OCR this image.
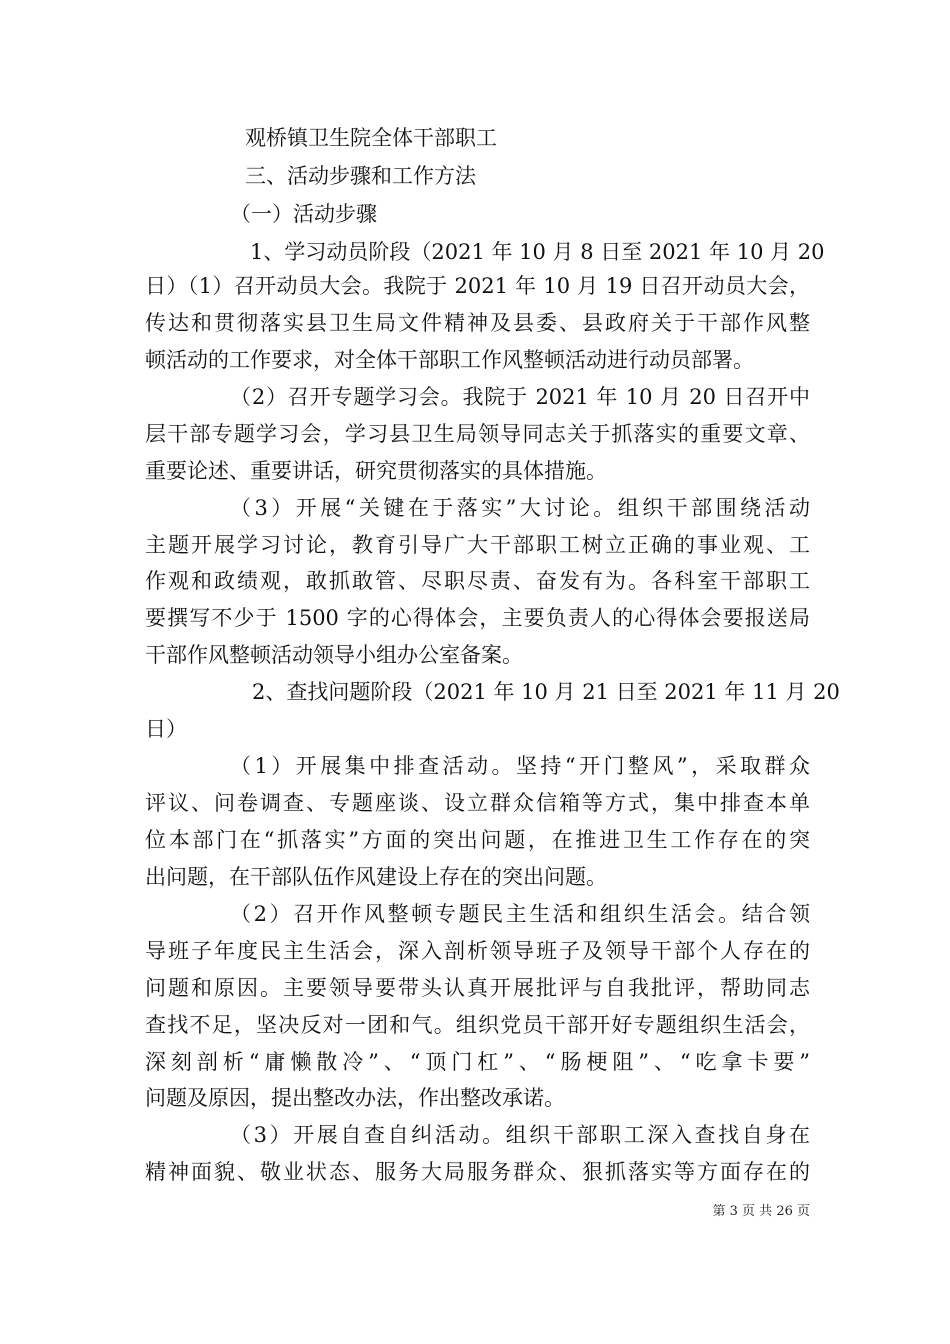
观桥镇卫生院全体干部职工
三、活动步骤和工作方法
（一）活动步骤
1、学习动员阶段（2021 年 10 月 8 日至 2021 年 10 月 20
日）（1）召开动员大会。我院于 2021 年 10 月 19 日召开动员大会，
传达和贯彻落实县卫生局文件精神及县委、县政府关于干部作风整
顿活动的工作要求，对全体干部职工作风整顿活动进行动员部署。
（2）召开专题学习会。我院于 2021 年 10 月 20 日召开中
层干部专题学习会，学习县卫生局领导同志关于抓落实的重要文章、
重要论述、重要讲话，研究贯彻落实的具体措施。
（3）开展“关键在于落实”大讨论。组织干部围绕活动
主题开展学习讨论，教育引导广大干部职工树立正确的事业观、工
作观和政绩观，敢抓敢管、尽职尽责、奋发有为。各科室干部职工
要撰写不少于 1500 字的心得体会，主要负责人的心得体会要报送局
干部作风整顿活动领导小组办公室备案。
2、查找问题阶段（2021 年 10 月 21 日至 2021 年 11 月 20
日）
（1）开展集中排查活动。坚持“开门整风”，采取群众
评议、问卷调查、专题座谈、设立群众信箱等方式，集中排查本单
位本部门在“抓落实”方面的突出问题，在推进卫生工作存在的突
出问题，在干部队伍作风建设上存在的突出问题。
（2）召开作风整顿专题民主生活和组织生活会。结合领
导班子年度民主生活会，深入剖析领导班子及领导干部个人存在的
问题和原因。主要领导要带头认真开展批评与自我批评，帮助同志
查找不足，坚决反对一团和气。组织党员干部开好专题组织生活会，
深刻剖析“庸懒散冷”、“顶门杠”、“肠梗阻”、“吃拿卡要”
问题及原因，提出整改办法，作出整改承诺。
（3）开展自查自纠活动。组织干部职工深入查找自身在
精神面貌、敬业状态、服务大局服务群众、狠抓落实等方面存在的
第 3 页 共 26 页
